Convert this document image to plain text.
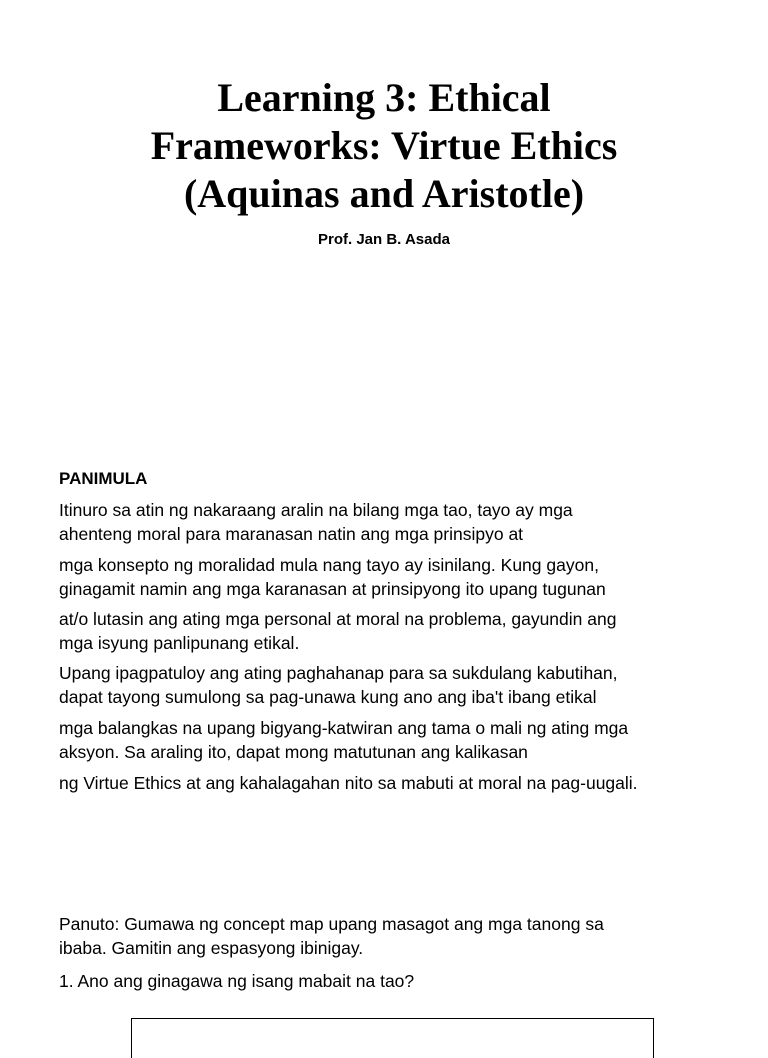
Learning 3: Ethical
Frameworks: Virtue Ethics
(Aquinas and Aristotle)
Prof. Jan B. Asada
PANIMULA
Itinuro sa atin ng nakaraang aralin na bilang mga tao, tayo ay mga
ahenteng moral para maranasan natin ang mga prinsipyo at
mga konsepto ng moralidad mula nang tayo ay isinilang. Kung gayon,
ginagamit namin ang mga karanasan at prinsipyong ito upang tugunan
at/o lutasin ang ating mga personal at moral na problema, gayundin ang
mga isyung panlipunang etikal.
Upang ipagpatuloy ang ating paghahanap para sa sukdulang kabutihan,
dapat tayong sumulong sa pag-unawa kung ano ang iba't ibang etikal
mga balangkas na upang bigyang-katwiran ang tama o mali ng ating mga
aksyon. Sa araling ito, dapat mong matutunan ang kalikasan
ng Virtue Ethics at ang kahalagahan nito sa mabuti at moral na pag-uugali.
Panuto: Gumawa ng concept map upang masagot ang mga tanong sa
ibaba. Gamitin ang espasyong ibinigay.
1. Ano ang ginagawa ng isang mabait na tao?
